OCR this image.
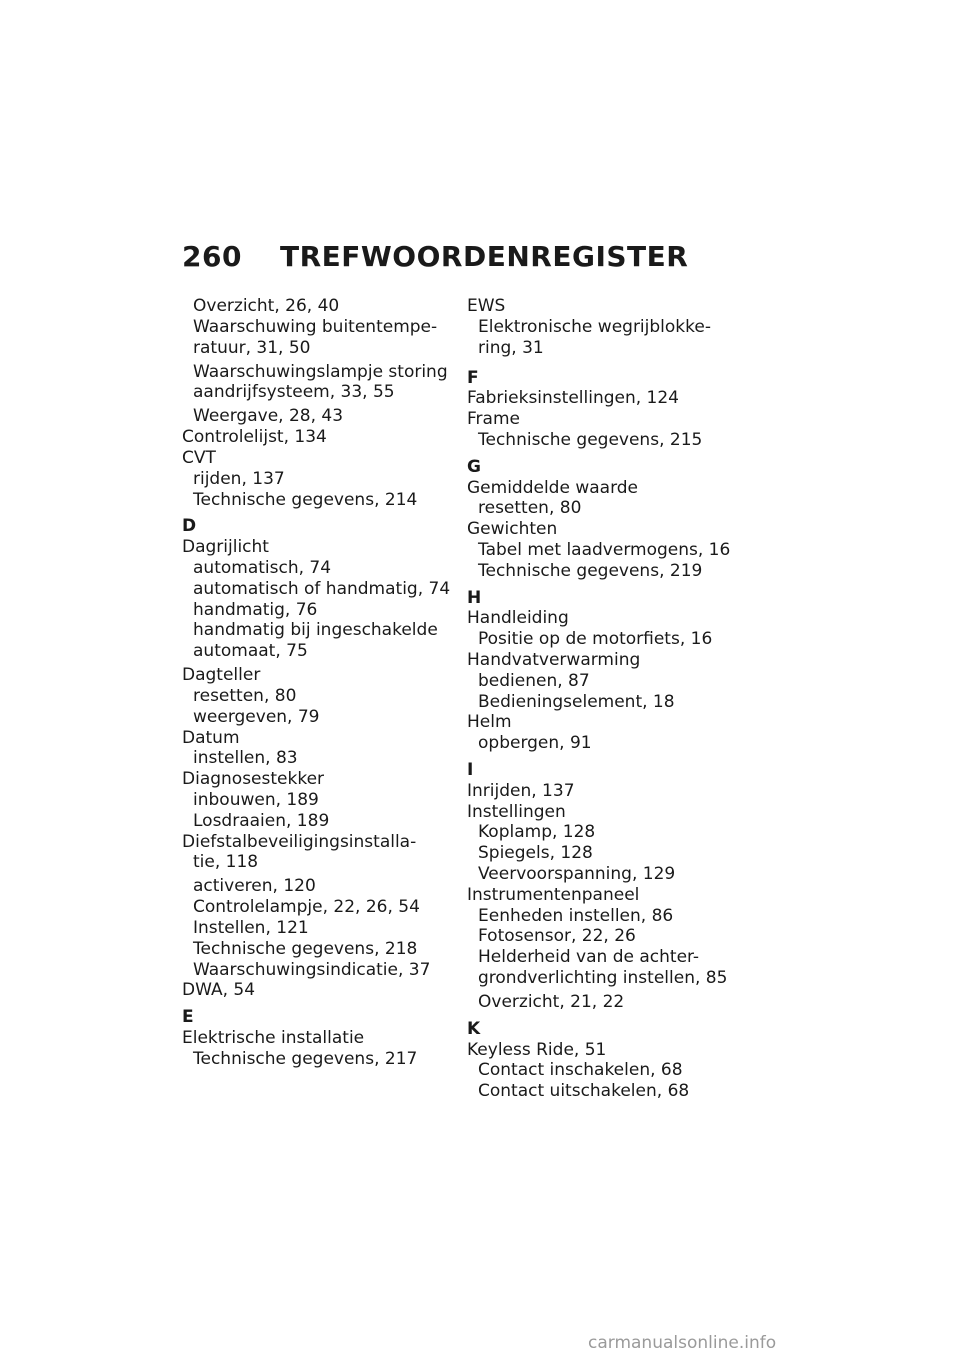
260 TREFWOORDENREGISTER
Overzicht, 26, 40
Waarschuwing buitentempe-
ratuur, 31, 50
Waarschuwingslampje storing
aandrijfsysteem, 33, 55
Weergave, 28, 43
Controlelijst, 134
CVT
rijden, 137
Technische gegevens, 214
D
Dagrijlicht
automatisch, 74
automatisch of handmatig, 74
handmatig, 76
handmatig bij ingeschakelde
automaat, 75
Dagteller
resetten, 80
weergeven, 79
Datum
instellen, 83
Diagnosestekker
inbouwen, 189
Losdraaien, 189
Diefstalbeveiligingsinstalla-
tie, 118
activeren, 120
Controlelampje, 22, 26, 54
Instellen, 121
Technische gegevens, 218
Waarschuwingsindicatie, 37
DWA, 54
E
Elektrische installatie
Technische gegevens, 217
EWS
Elektronische wegrijblokke-
ring, 31
F
Fabrieksinstellingen, 124
Frame
Technische gegevens, 215
G
Gemiddelde waarde
resetten, 80
Gewichten
Tabel met laadvermogens, 16
Technische gegevens, 219
H
Handleiding
Positie op de motorfiets, 16
Handvatverwarming
bedienen, 87
Bedieningselement, 18
Helm
opbergen, 91
I
Inrijden, 137
Instellingen
Koplamp, 128
Spiegels, 128
Veervoorspanning, 129
Instrumentenpaneel
Eenheden instellen, 86
Fotosensor, 22, 26
Helderheid van de achter-
grondverlichting instellen, 85
Overzicht, 21, 22
K
Keyless Ride, 51
Contact inschakelen, 68
Contact uitschakelen, 68
carmanualsonline.info
